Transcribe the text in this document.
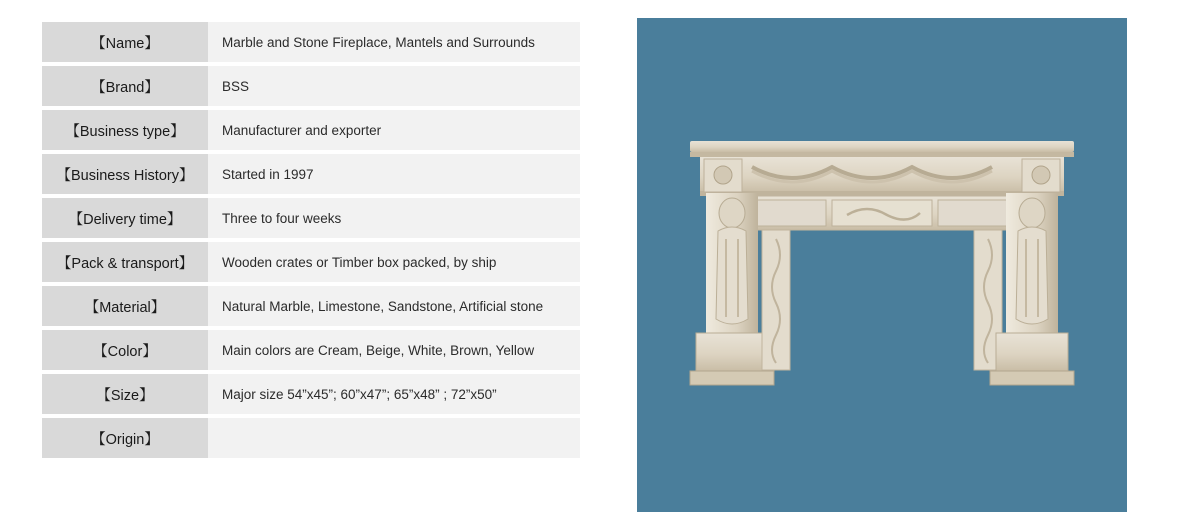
【Name】	Marble and Stone Fireplace, Mantels and Surrounds
【Brand】	BSS
【Business type】	Manufacturer and exporter
【Business History】	Started in 1997
【Delivery time】	Three to four weeks
【Pack & transport】	Wooden crates or Timber box packed, by ship
【Material】	Natural Marble, Limestone, Sandstone, Artificial stone
【Color】	Main colors are Cream, Beige, White, Brown, Yellow
【Size】	Major size 54”x45”; 60”x47”; 65”x48” ; 72”x50”
【Origin】	
